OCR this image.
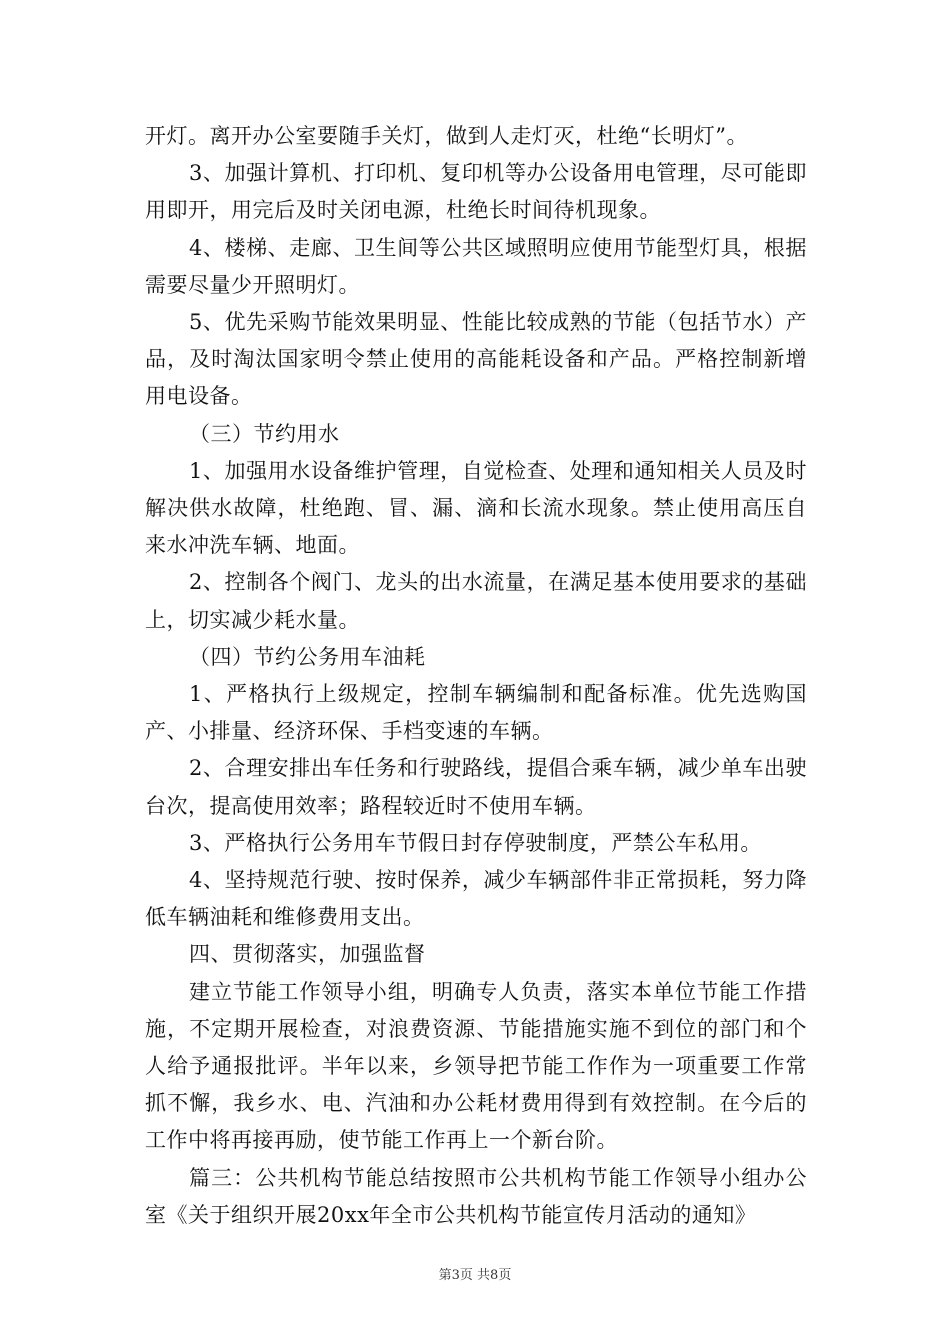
开灯。离开办公室要随手关灯，做到人走灯灭，杜绝“长明灯”。

3、加强计算机、打印机、复印机等办公设备用电管理，尽可能即用即开，用完后及时关闭电源，杜绝长时间待机现象。

4、楼梯、走廊、卫生间等公共区域照明应使用节能型灯具，根据需要尽量少开照明灯。

5、优先采购节能效果明显、性能比较成熟的节能（包括节水）产品，及时淘汰国家明令禁止使用的高能耗设备和产品。严格控制新增用电设备。

（三）节约用水

1、加强用水设备维护管理，自觉检查、处理和通知相关人员及时解决供水故障，杜绝跑、冒、漏、滴和长流水现象。禁止使用高压自来水冲洗车辆、地面。

2、控制各个阀门、龙头的出水流量，在满足基本使用要求的基础上，切实减少耗水量。

（四）节约公务用车油耗

1、严格执行上级规定，控制车辆编制和配备标准。优先选购国产、小排量、经济环保、手档变速的车辆。

2、合理安排出车任务和行驶路线，提倡合乘车辆，减少单车出驶台次，提高使用效率；路程较近时不使用车辆。

3、严格执行公务用车节假日封存停驶制度，严禁公车私用。

4、坚持规范行驶、按时保养，减少车辆部件非正常损耗，努力降低车辆油耗和维修费用支出。

四、贯彻落实，加强监督

建立节能工作领导小组，明确专人负责，落实本单位节能工作措施，不定期开展检查，对浪费资源、节能措施实施不到位的部门和个人给予通报批评。半年以来，乡领导把节能工作作为一项重要工作常抓不懈，我乡水、电、汽油和办公耗材费用得到有效控制。在今后的工作中将再接再励，使节能工作再上一个新台阶。

篇三：公共机构节能总结按照市公共机构节能工作领导小组办公室《关于组织开展20xx年全市公共机构节能宣传月活动的通知》

第3页 共8页
